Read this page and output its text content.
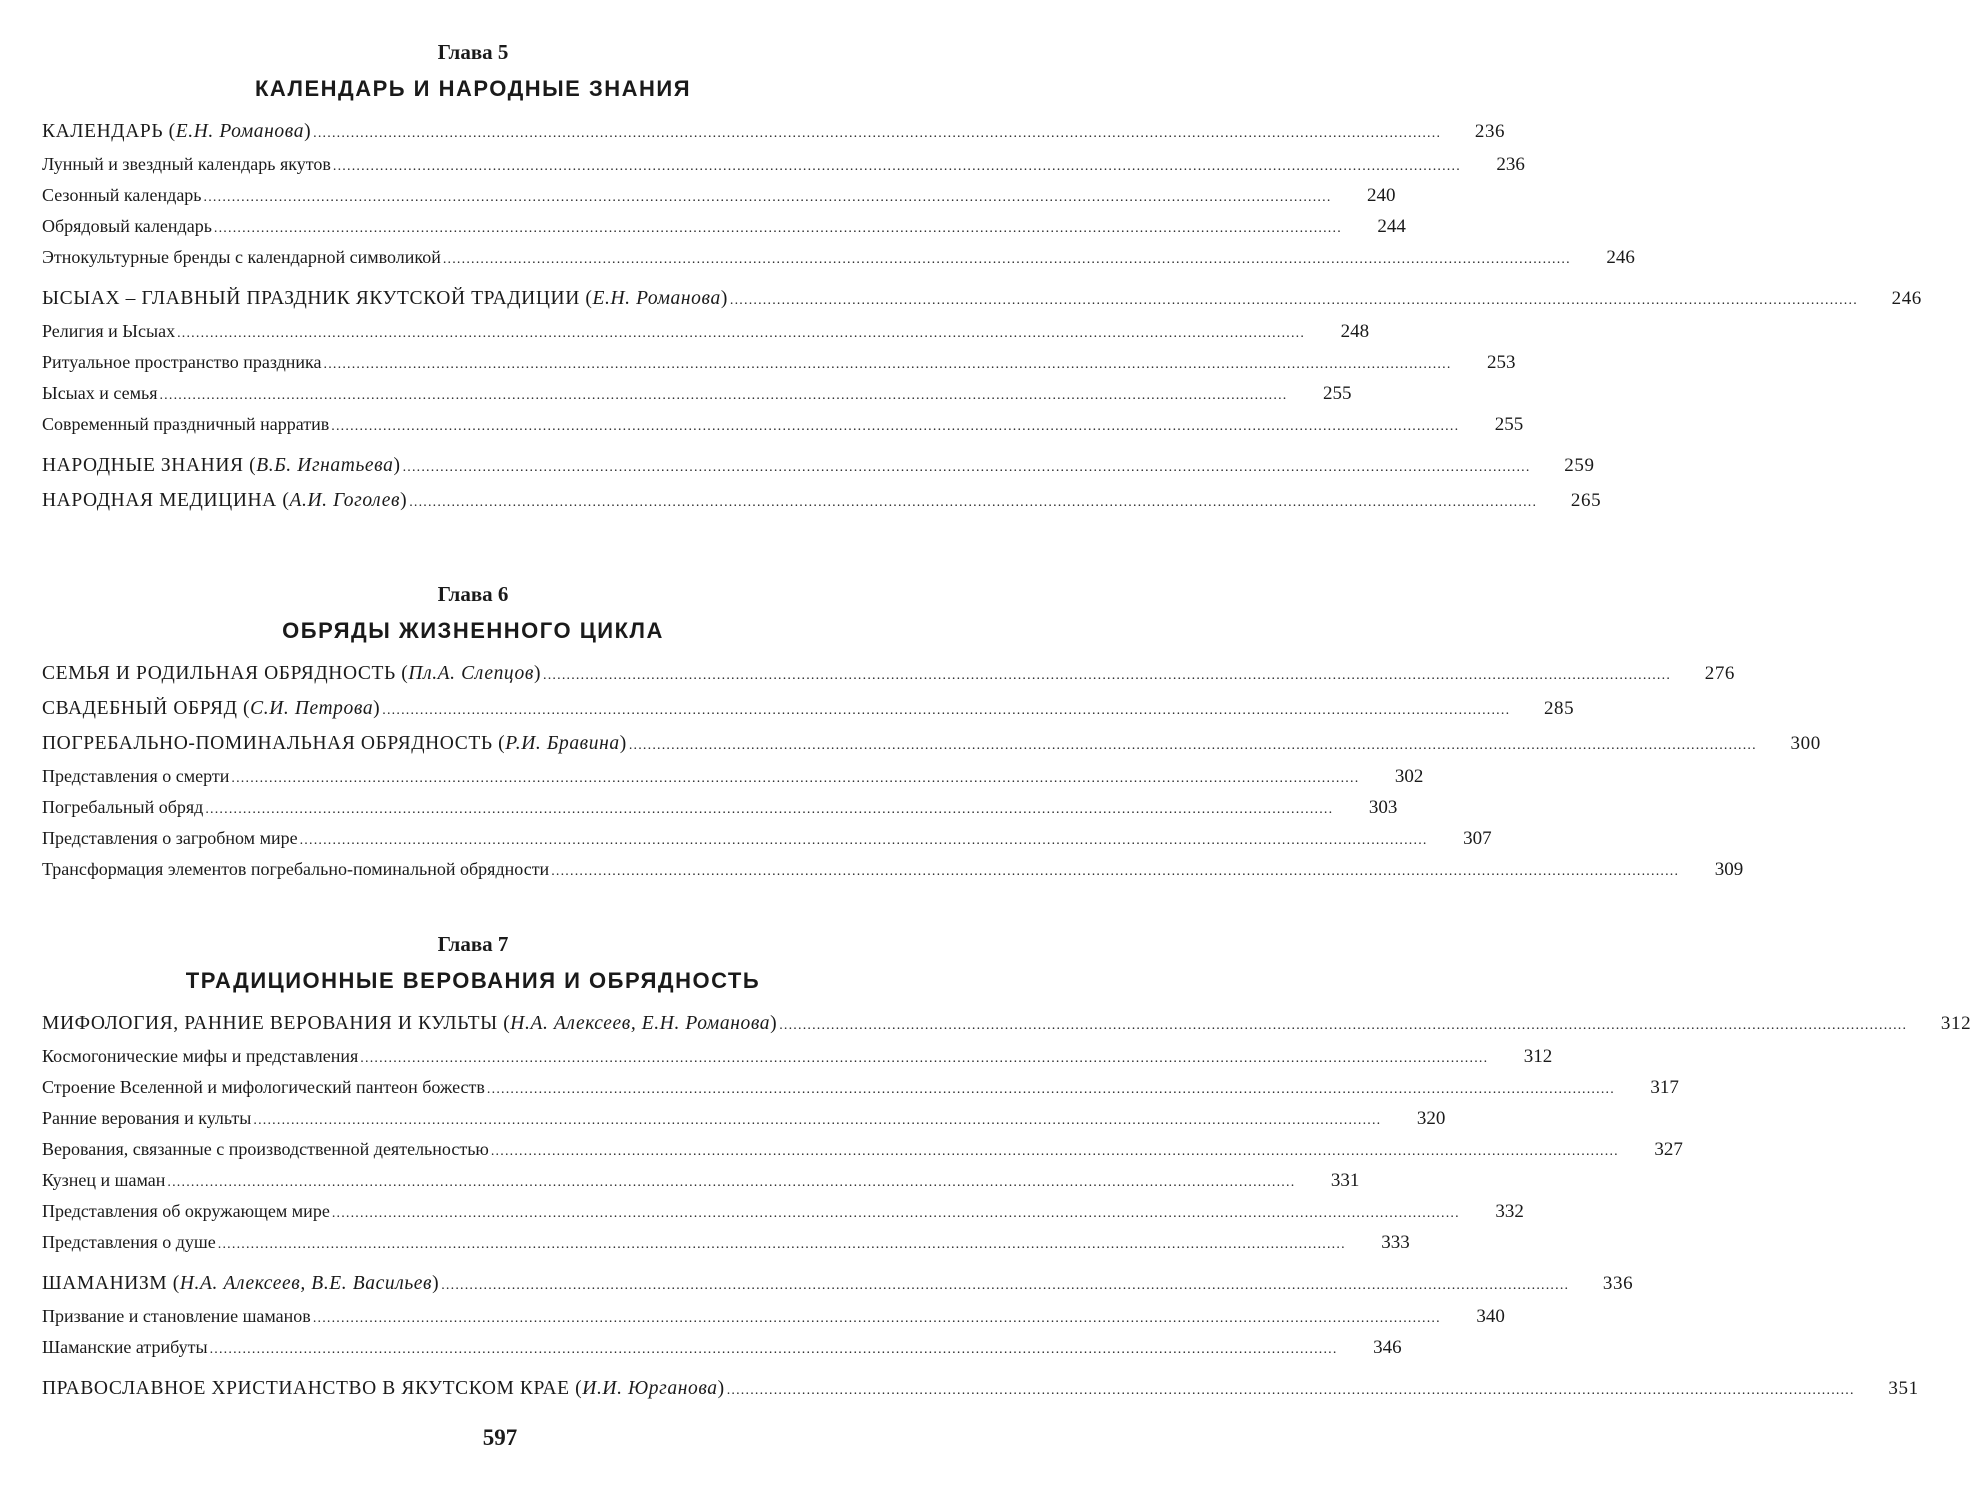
Глава 5
КАЛЕНДАРЬ И НАРОДНЫЕ ЗНАНИЯ
КАЛЕНДАРЬ (Е.Н. Романова) .....	236
Лунный и звездный календарь якутов .....	236
Сезонный календарь .....	240
Обрядовый календарь .....	244
Этнокультурные бренды с календарной символикой .....	246
ЫСЫАХ – ГЛАВНЫЙ ПРАЗДНИК ЯКУТСКОЙ ТРАДИЦИИ (Е.Н. Романова) .....	246
Религия и Ысыах .....	248
Ритуальное пространство праздника .....	253
Ысыах и семья .....	255
Современный праздничный нарратив .....	255
НАРОДНЫЕ ЗНАНИЯ (В.Б. Игнатьева) .....	259
НАРОДНАЯ МЕДИЦИНА (А.И. Гоголев) .....	265
Глава 6
ОБРЯДЫ ЖИЗНЕННОГО ЦИКЛА
СЕМЬЯ И РОДИЛЬНАЯ ОБРЯДНОСТЬ (Пл.А. Слепцов) .....	276
СВАДЕБНЫЙ ОБРЯД (С.И. Петрова) .....	285
ПОГРЕБАЛЬНО-ПОМИНАЛЬНАЯ ОБРЯДНОСТЬ (Р.И. Бравина) .....	300
Представления о смерти .....	302
Погребальный обряд .....	303
Представления о загробном мире .....	307
Трансформация элементов погребально-поминальной обрядности .....	309
Глава 7
ТРАДИЦИОННЫЕ ВЕРОВАНИЯ И ОБРЯДНОСТЬ
МИФОЛОГИЯ, РАННИЕ ВЕРОВАНИЯ И КУЛЬТЫ (Н.А. Алексеев, Е.Н. Романова) .....	312
Космогонические мифы и представления .....	312
Строение Вселенной и мифологический пантеон божеств .....	317
Ранние верования и культы .....	320
Верования, связанные с производственной деятельностью .....	327
Кузнец и шаман .....	331
Представления об окружающем мире .....	332
Представления о душе .....	333
ШАМАНИЗМ (Н.А. Алексеев, В.Е. Васильев) .....	336
Призвание и становление шаманов .....	340
Шаманские атрибуты .....	346
ПРАВОСЛАВНОЕ ХРИСТИАНСТВО В ЯКУТСКОМ КРАЕ (И.И. Юрганова) .....	351
597
